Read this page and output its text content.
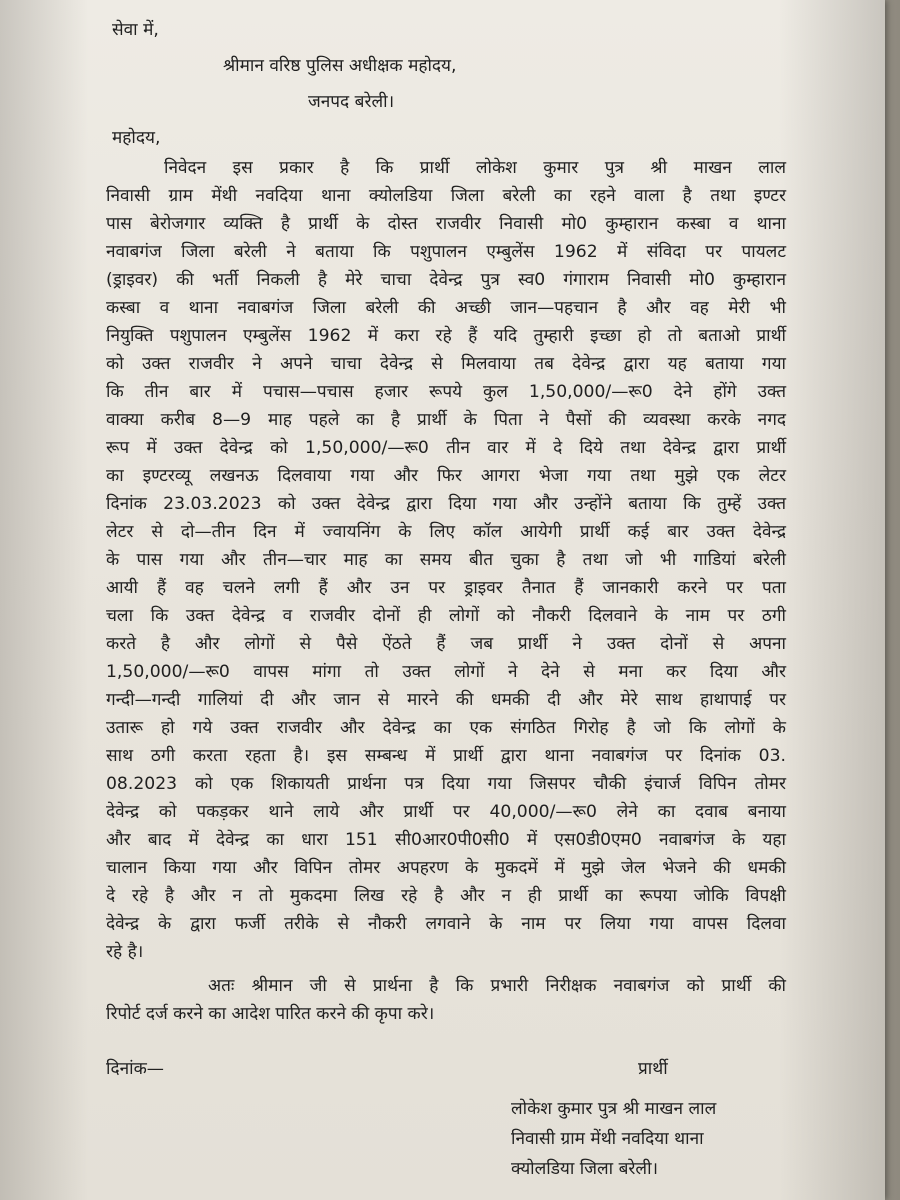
सेवा में,
श्रीमान वरिष्ठ पुलिस अधीक्षक महोदय,
जनपद बरेली।
महोदय,
निवेदन इस प्रकार है कि प्रार्थी लोकेश कुमार पुत्र श्री माखन लाल
निवासी ग्राम मेंथी नवदिया थाना क्योलडिया जिला बरेली का रहने वाला है तथा इण्टर
पास बेरोजगार व्यक्ति है प्रार्थी के दोस्त राजवीर निवासी मो0 कुम्हारान कस्बा व थाना
नवाबगंज जिला बरेली ने बताया कि पशुपालन एम्बुलेंस 1962 में संविदा पर पायलट
(ड्राइवर) की भर्ती निकली है मेरे चाचा देवेन्द्र पुत्र स्व0 गंगाराम निवासी मो0 कुम्हारान
कस्बा व थाना नवाबगंज जिला बरेली की अच्छी जान—पहचान है और वह मेरी भी
नियुक्ति पशुपालन एम्बुलेंस 1962 में करा रहे हैं यदि तुम्हारी इच्छा हो तो बताओ प्रार्थी
को उक्त राजवीर ने अपने चाचा देवेन्द्र से मिलवाया तब देवेन्द्र द्वारा यह बताया गया
कि तीन बार में पचास—पचास हजार रूपये कुल 1,50,000/—रू0 देने होंगे उक्त
वाक्या करीब 8—9 माह पहले का है प्रार्थी के पिता ने पैसों की व्यवस्था करके नगद
रूप में उक्त देवेन्द्र को 1,50,000/—रू0 तीन वार में दे दिये तथा देवेन्द्र द्वारा प्रार्थी
का इण्टरव्यू लखनऊ दिलवाया गया और फिर आगरा भेजा गया तथा मुझे एक लेटर
दिनांक 23.03.2023 को उक्त देवेन्द्र द्वारा दिया गया और उन्होंने बताया कि तुम्हें उक्त
लेटर से दो—तीन दिन में ज्वायनिंग के लिए कॉल आयेगी प्रार्थी कई बार उक्त देवेन्द्र
के पास गया और तीन—चार माह का समय बीत चुका है तथा जो भी गाडियां बरेली
आयी हैं वह चलने लगी हैं और उन पर ड्राइवर तैनात हैं जानकारी करने पर पता
चला कि उक्त देवेन्द्र व राजवीर दोनों ही लोगों को नौकरी दिलवाने के नाम पर ठगी
करते है और लोगों से पैसे ऐंठते हैं जब प्रार्थी ने उक्त दोनों से अपना
1,50,000/—रू0 वापस मांगा तो उक्त लोगों ने देने से मना कर दिया और
गन्दी—गन्दी गालियां दी और जान से मारने की धमकी दी और मेरे साथ हाथापाई पर
उतारू हो गये उक्त राजवीर और देवेन्द्र का एक संगठित गिरोह है जो कि लोगों के
साथ ठगी करता रहता है। इस सम्बन्ध में प्रार्थी द्वारा थाना नवाबगंज पर दिनांक 03.
08.2023 को एक शिकायती प्रार्थना पत्र दिया गया जिसपर चौकी इंचार्ज विपिन तोमर
देवेन्द्र को पकड़कर थाने लाये और प्रार्थी पर 40,000/—रू0 लेने का दवाब बनाया
और बाद में देवेन्द्र का धारा 151 सी0आर0पी0सी0 में एस0डी0एम0 नवाबगंज के यहा
चालान किया गया और विपिन तोमर अपहरण के मुकदमें में मुझे जेल भेजने की धमकी
दे रहे है और न तो मुकदमा लिख रहे है और न ही प्रार्थी का रूपया जोकि विपक्षी
देवेन्द्र के द्वारा फर्जी तरीके से नौकरी लगवाने के नाम पर लिया गया वापस दिलवा
रहे है।
अतः श्रीमान जी से प्रार्थना है कि प्रभारी निरीक्षक नवाबगंज को प्रार्थी की
रिपोर्ट दर्ज करने का आदेश पारित करने की कृपा करे।
दिनांक—	प्रार्थी
लोकेश कुमार पुत्र श्री माखन लाल
निवासी ग्राम मेंथी नवदिया थाना
क्योलडिया जिला बरेली।
